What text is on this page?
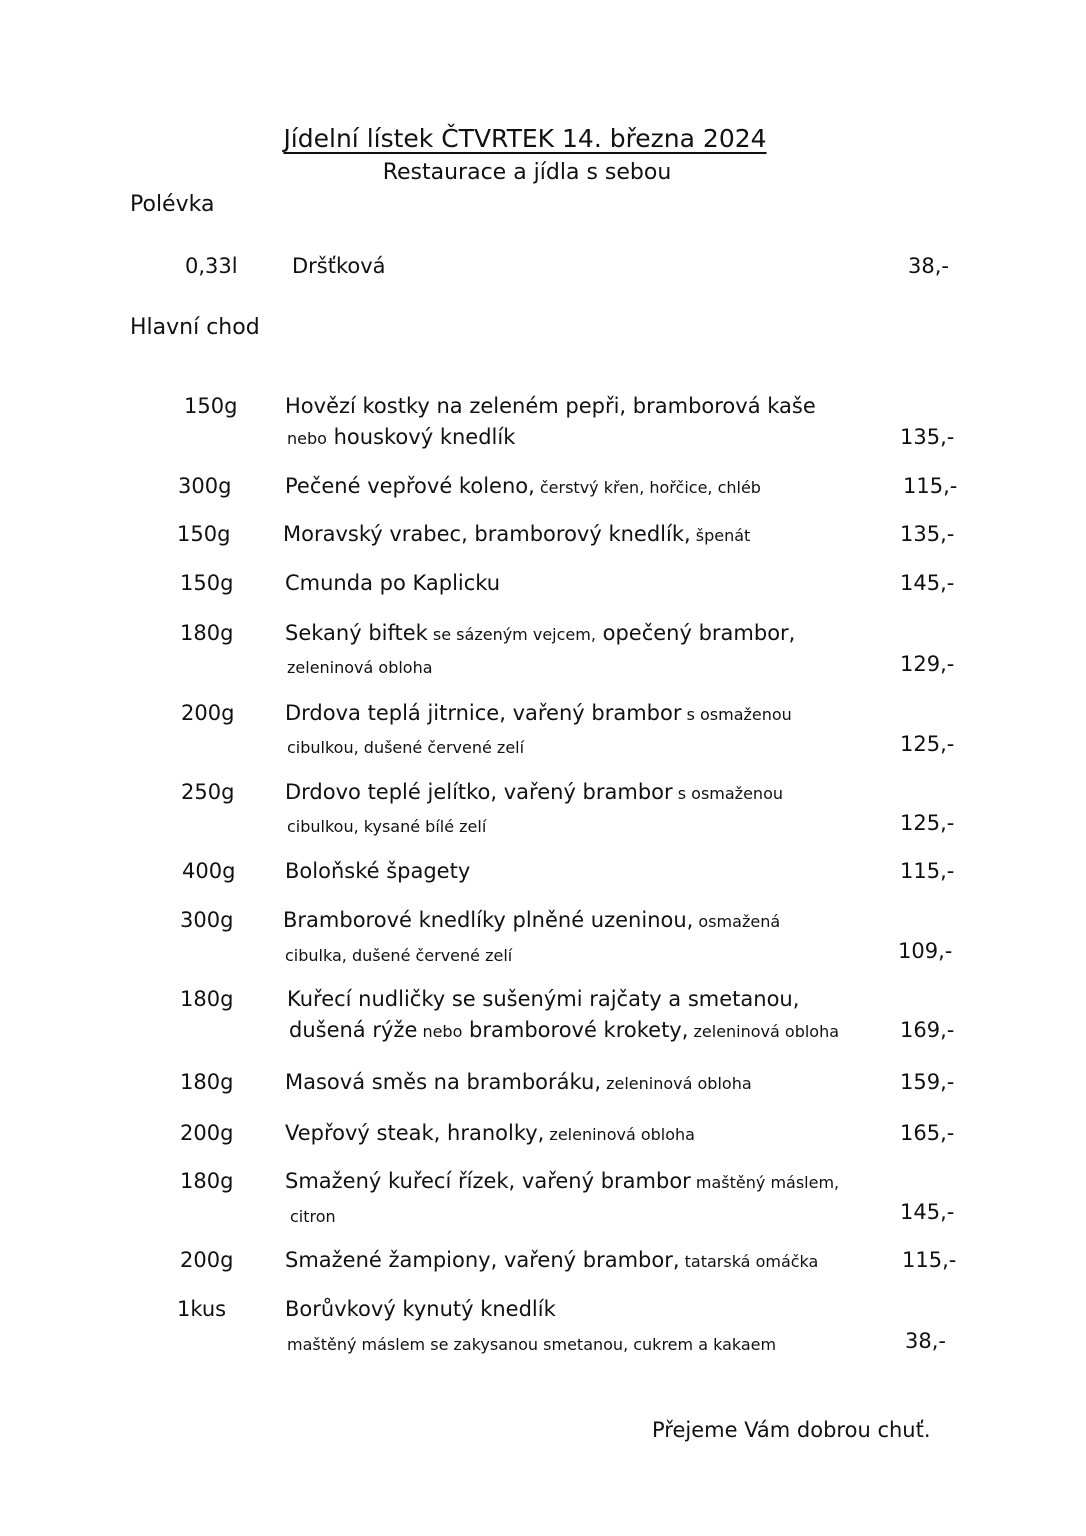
Jídelní lístek ČTVRTEK 14. března 2024
Restaurace a jídla s sebou
Polévka
0,33l	Dršťková	38,-
Hlavní chod
150g Hovězí kostky na zeleném pepři, bramborová kaše
nebo houskový knedlík	135,-
300g	Pečené vepřové koleno, čerstvý křen, hořčice, chléb	115,-
150g	Moravský vrabec, bramborový knedlík, špenát	135,-
150g Cmunda po Kaplicku	145,-
180g Sekaný biftek se sázeným vejcem, opečený brambor,
zeleninová obloha	129,-
200g Drdova teplá jitrnice, vařený brambor s osmaženou
cibulkou, dušené červené zelí	125,-
250g Drdovo teplé jelítko, vařený brambor s osmaženou
cibulkou, kysané bílé zelí	125,-
400g Boloňské špagety	115,-
300g Bramborové knedlíky plněné uzeninou, osmažená
cibulka, dušené červené zelí	109,-
180g	Kuřecí nudličky se sušenými rajčaty a smetanou,
dušená rýže nebo bramborové krokety, zeleninová obloha	169,-
180g Masová směs na bramboráku, zeleninová obloha	159,-
200g Vepřový steak, hranolky, zeleninová obloha	165,-
180g Smažený kuřecí řízek, vařený brambor maštěný máslem,
citron	145,-
200g Smažené žampiony, vařený brambor, tatarská omáčka	115,-
1kus	Borůvkový kynutý knedlík
maštěný máslem se zakysanou smetanou, cukrem a kakaem	38,-
Přejeme Vám dobrou chuť.
